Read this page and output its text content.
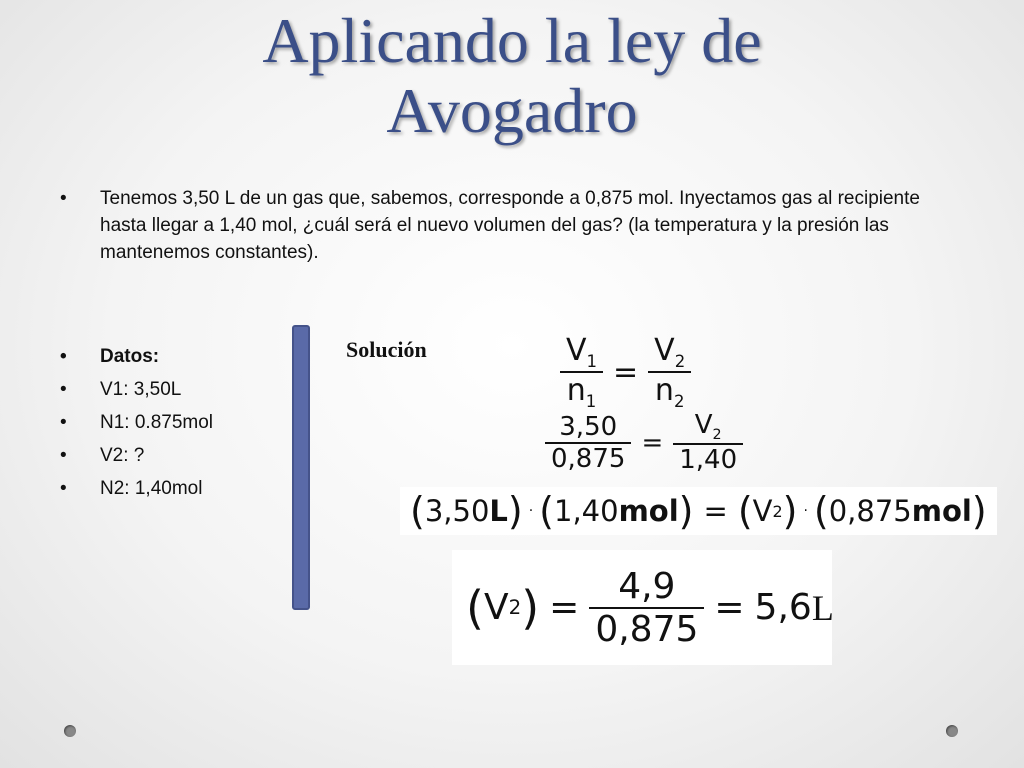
Aplicando la ley de
Avogadro
• Tenemos 3,50 L de un gas que, sabemos, corresponde a 0,875 mol. Inyectamos gas al recipiente hasta llegar a 1,40 mol, ¿cuál será el nuevo volumen del gas? (la temperatura y la presión las mantenemos constantes).
• Datos:
• V1: 3,50L
• N1: 0.875mol
• V2: ?
• N2: 1,40mol
Solución	$\frac{V_1}{n_1} = \frac{V_2}{n_2}$
$\frac{3,50}{0,875} = \frac{V_2}{1,40}$
( 3,50 L ) · ( 1,40 mol ) = ( V 2 ) · ( 0,875 mol )
( V 2 ) = $\frac{4,9}{0,875} = 5,6$ L
